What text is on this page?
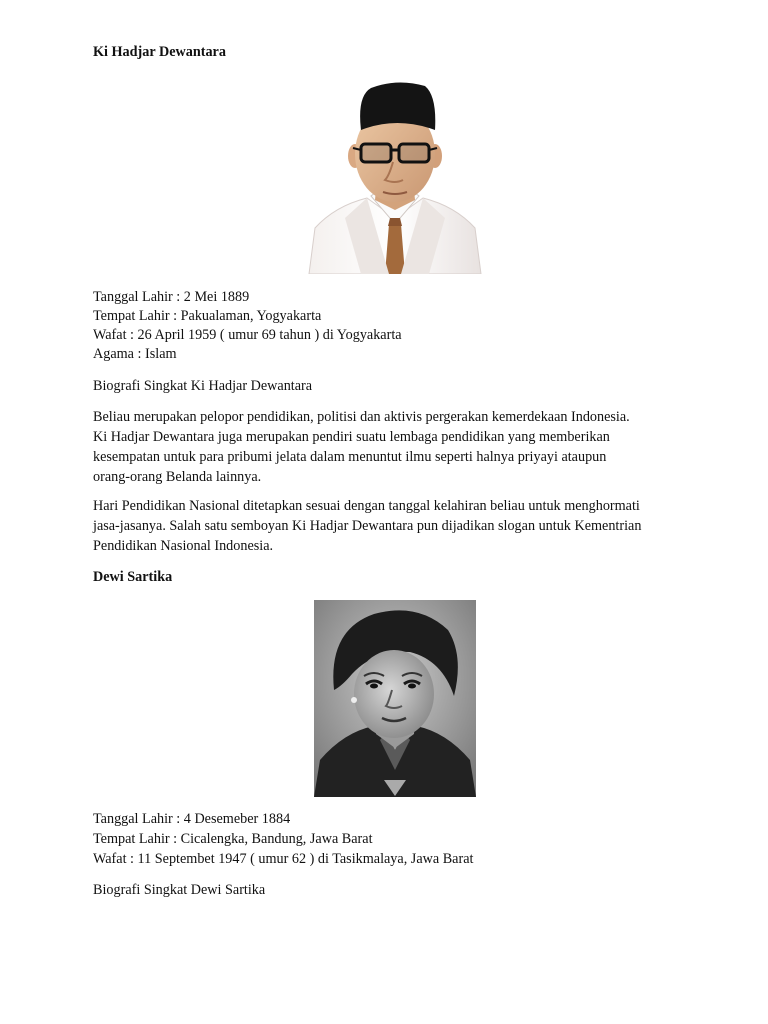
Ki Hadjar Dewantara

Tanggal Lahir : 2 Mei 1889

Tempat Lahir : Pakualaman, Yogyakarta

Wafat : 26 April 1959 ( umur 69 tahun ) di Yogyakarta

Agama : Islam

Biografi Singkat Ki Hadjar Dewantara

Beliau merupakan pelopor pendidikan, politisi dan aktivis pergerakan kemerdekaan Indonesia.
Ki Hadjar Dewantara juga merupakan pendiri suatu lembaga pendidikan yang memberikan
kesempatan untuk para pribumi jelata dalam menuntut ilmu seperti halnya priyayi ataupun
orang-orang Belanda lainnya.
Hari Pendidikan Nasional ditetapkan sesuai dengan tanggal kelahiran beliau untuk menghormati
jasa-jasanya. Salah satu semboyan Ki Hadjar Dewantara pun dijadikan slogan untuk Kementrian
Pendidikan Nasional Indonesia.

Dewi Sartika

Tanggal Lahir : 4 Desemeber 1884

Tempat Lahir : Cicalengka, Bandung, Jawa Barat

Wafat : 11 Septembet 1947 ( umur 62 ) di Tasikmalaya, Jawa Barat

Biografi Singkat Dewi Sartika
